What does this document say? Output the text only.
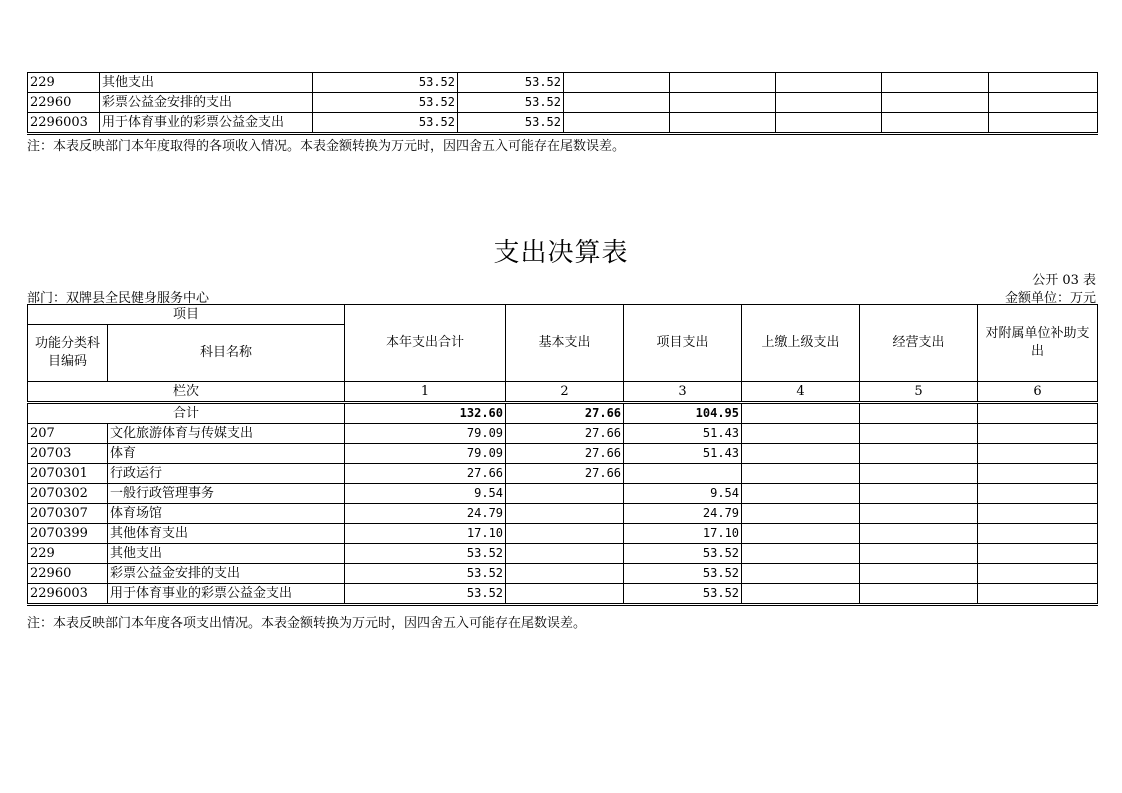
229	其他支出	53.52	53.52					
22960	彩票公益金安排的支出	53.52	53.52					
2296003	用于体育事业的彩票公益金支出	53.52	53.52					
注：本表反映部门本年度取得的各项收入情况。本表金额转换为万元时，因四舍五入可能存在尾数误差。
支出决算表
公开 03 表
部门：双牌县全民健身服务中心	金额单位：万元
项目		本年支出合计	基本支出	项目支出	上缴上级支出	经营支出	对附属单位补助支出
功能分类科目编码	科目名称						

栏次		1	2	3	4	5	6
合计		132.60	27.66	104.95			
207	文化旅游体育与传媒支出	79.09	27.66	51.43			
20703	体育	79.09	27.66	51.43			
2070301	行政运行	27.66	27.66				
2070302	一般行政管理事务	9.54		9.54			
2070307	体育场馆	24.79		24.79			
2070399	其他体育支出	17.10		17.10			
229	其他支出	53.52		53.52			
22960	彩票公益金安排的支出	53.52		53.52			
2296003	用于体育事业的彩票公益金支出	53.52		53.52			
注：本表反映部门本年度各项支出情况。本表金额转换为万元时，因四舍五入可能存在尾数误差。
